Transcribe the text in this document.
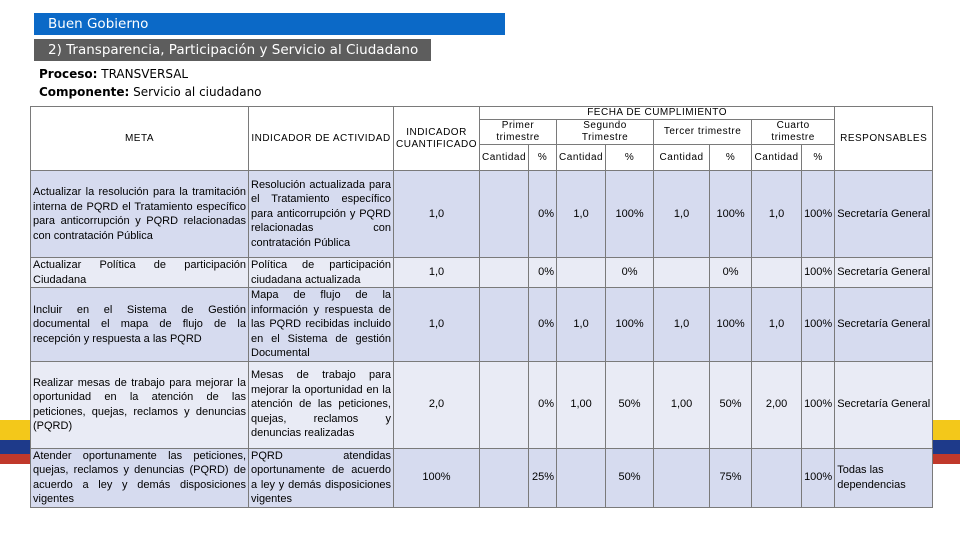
Buen Gobierno
2) Transparencia, Participación y Servicio al Ciudadano
Proceso: TRANSVERSAL
Componente: Servicio al ciudadano
META	INDICADOR DE ACTIVIDAD	INDICADOR CUANTIFICADO	FECHA DE CUMPLIMIENTO								RESPONSABLES
			Primer trimestre		Segundo Trimestre		Tercer trimestre		Cuarto trimestre		
			Cantidad	%	Cantidad	%	Cantidad	%	Cantidad	%	
Actualizar la resolución para la tramitación interna de PQRD el Tratamiento específico para anticorrupción y PQRD relacionadas con contratación Pública	Resolución actualizada para el Tratamiento específico para anticorrupción y PQRD relacionadas con contratación Pública	1,0		0%	1,0	100%	1,0	100%	1,0	100%	Secretaría General
Actualizar Política de participación Ciudadana	Política de participación ciudadana actualizada	1,0		0%		0%		0%		100%	Secretaría General
Incluir en el Sistema de Gestión documental el mapa de flujo de la recepción y respuesta a las PQRD	Mapa de flujo de la información y respuesta de las PQRD recibidas incluido en el Sistema de gestión Documental	1,0		0%	1,0	100%	1,0	100%	1,0	100%	Secretaría General
Realizar mesas de trabajo para mejorar la oportunidad en la atención de las peticiones, quejas, reclamos y denuncias (PQRD)	Mesas de trabajo para mejorar la oportunidad en la atención de las peticiones, quejas, reclamos y denuncias realizadas	2,0		0%	1,00	50%	1,00	50%	2,00	100%	Secretaría General
Atender oportunamente las peticiones, quejas, reclamos y denuncias (PQRD) de acuerdo a ley y demás disposiciones vigentes	PQRD atendidas oportunamente de acuerdo a ley y demás disposiciones vigentes	100%		25%		50%		75%		100%	Todas las dependencias
